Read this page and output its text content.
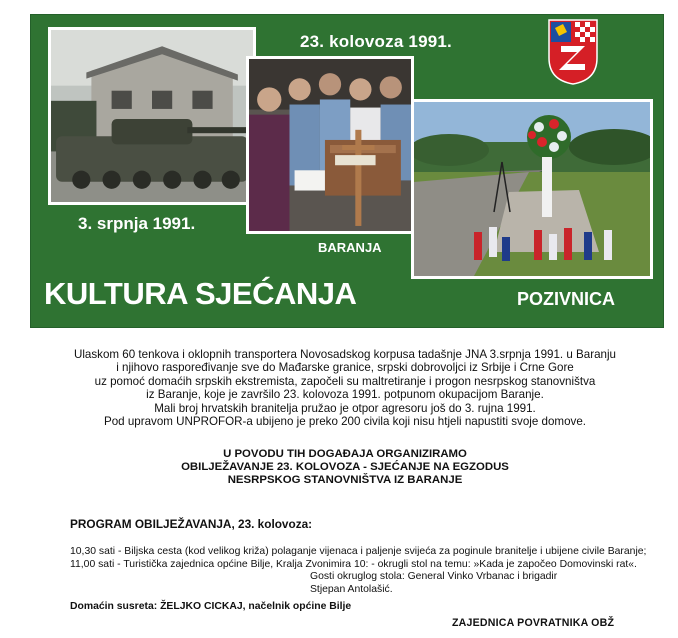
23. kolovoza 1991.
3. srpnja 1991.
BARANJA
KULTURA SJEĆANJA	POZIVNICA
Ulaskom 60 tenkova i oklopnih transportera Novosadskog korpusa tadašnje JNA 3.srpnja 1991. u Baranju
i njihovo raspoređivanje sve do Mađarske granice, srpski dobrovoljci iz Srbije i Crne Gore
uz pomoć domaćih srpskih ekstremista, započeli su maltretiranje i progon nesrpskog stanovništva
iz Baranje, koje je završilo 23. kolovoza 1991. potpunom okupacijom Baranje.
Mali broj hrvatskih branitelja pružao je otpor agresoru još do 3. rujna 1991.
Pod upravom UNPROFOR-a ubijeno je preko 200 civila koji nisu htjeli napustiti svoje domove.
U POVODU TIH DOGAĐAJA ORGANIZIRAMO
OBILJEŽAVANJE 23. KOLOVOZA - SJEĆANJE NA EGZODUS
NESRPSKOG STANOVNIŠTVA IZ BARANJE
PROGRAM OBILJEŽAVANJA, 23. kolovoza:
10,30 sati - Biljska cesta (kod velikog križa) polaganje vijenaca i paljenje svijeća za poginule branitelje i ubijene civile Baranje;
11,00 sati - Turistička zajednica općine Bilje, Kralja Zvonimira 10: - okrugli stol na temu: »Kada je započeo Domovinski rat«.
Gosti okruglog stola: General Vinko Vrbanac i brigadir
Stjepan Antolašić.
Domaćin susreta: ŽELJKO CICKAJ, načelnik općine Bilje
ZAJEDNICA POVRATNIKA OBŽ
